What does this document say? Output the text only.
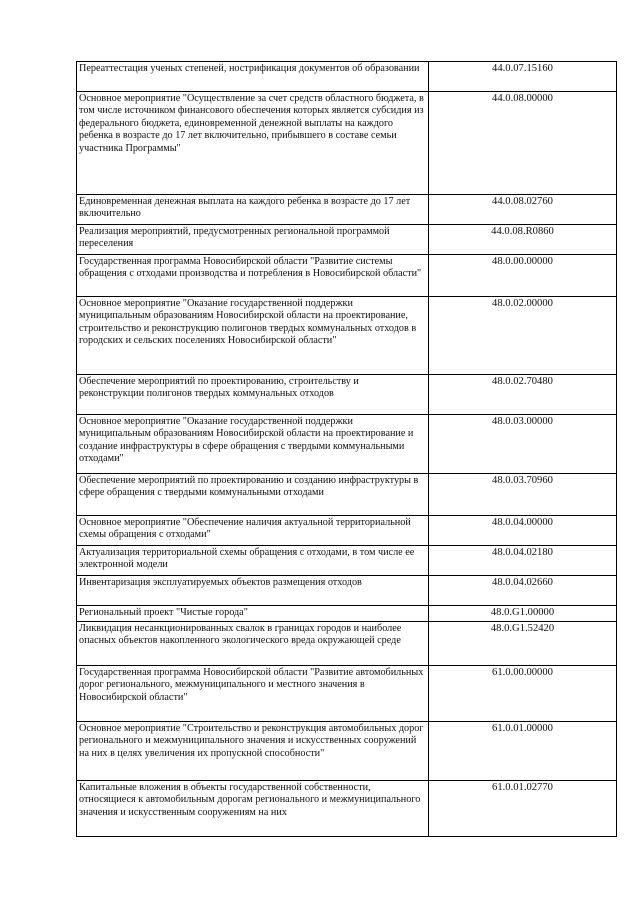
Переаттестация ученых степеней, нострификация документов об образовании	44.0.07.15160
Основное мероприятие "Осуществление за счет средств областного бюджета, в том числе источником финансового обеспечения которых является субсидия из федерального бюджета, единовременной денежной выплаты на каждого ребенка в возрасте до 17 лет включительно, прибывшего в составе семьи участника Программы"	44.0.08.00000
Единовременная денежная выплата на каждого ребенка в возрасте до 17 лет включительно	44.0.08.02760
Реализация мероприятий, предусмотренных региональной программой переселения	44.0.08.R0860
Государственная программа Новосибирской области "Развитие системы обращения с отходами производства и потребления в Новосибирской области"	48.0.00.00000
Основное мероприятие "Оказание государственной поддержки муниципальным образованиям Новосибирской области на проектирование, строительство и реконструкцию полигонов твердых коммунальных отходов в городских и сельских поселениях Новосибирской области"	48.0.02.00000
Обеспечение мероприятий по проектированию, строительству и реконструкции полигонов твердых коммунальных отходов	48.0.02.70480
Основное мероприятие "Оказание государственной поддержки муниципальным образованиям Новосибирской области на проектирование и создание инфраструктуры в сфере обращения с твердыми коммунальными отходами"	48.0.03.00000
Обеспечение мероприятий по проектированию и созданию инфраструктуры в сфере обращения с твердыми коммунальными отходами	48.0.03.70960
Основное мероприятие "Обеспечение наличия актуальной территориальной схемы обращения с отходами"	48.0.04.00000
Актуализация территориальной схемы обращения с отходами, в том числе ее электронной модели	48.0.04.02180
Инвентаризация эксплуатируемых объектов размещения отходов	48.0.04.02660
Региональный проект "Чистые города"	48.0.G1.00000
Ликвидация несанкционированных свалок в границах городов и наиболее опасных объектов накопленного экологического вреда окружающей среде	48.0.G1.52420
Государственная программа Новосибирской области "Развитие автомобильных дорог регионального, межмуниципального и местного значения в Новосибирской области"	61.0.00.00000
Основное мероприятие "Строительство и реконструкция автомобильных дорог регионального и межмуниципального значения и искусственных сооружений на них в целях увеличения их пропускной способности"	61.0.01.00000
Капитальные вложения в объекты государственной собственности, относящиеся к автомобильным дорогам регионального и межмуниципального значения и искусственным сооружениям на них	61.0.01.02770
